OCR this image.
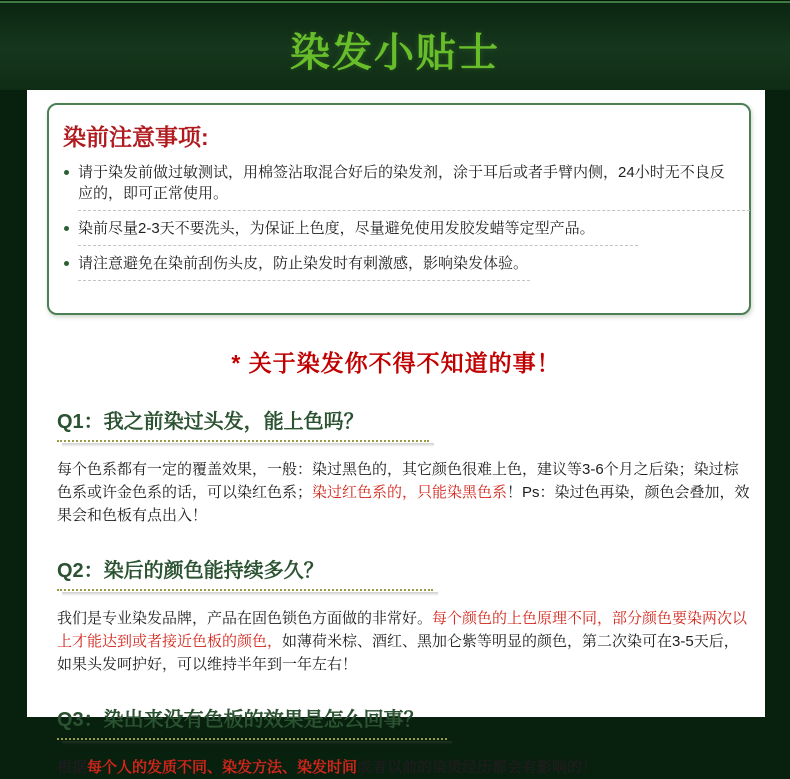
染发小贴士
染前注意事项:
请于染发前做过敏测试，用棉签沾取混合好后的染发剂，涂于耳后或者手臂内侧，24小时无不良反应的，即可正常使用。
染前尽量2-3天不要洗头，为保证上色度，尽量避免使用发胶发蜡等定型产品。
请注意避免在染前刮伤头皮，防止染发时有刺激感，影响染发体验。
* 关于染发你不得不知道的事！
Q1：我之前染过头发，能上色吗？

每个色系都有一定的覆盖效果，一般：染过黑色的，其它颜色很难上色，建议等3-6个月之后染；染过棕色系或许金色系的话，可以染红色系；染过红色系的，只能染黑色系！Ps：染过色再染，颜色会叠加，效果会和色板有点出入！

Q2：染后的颜色能持续多久？

我们是专业染发品牌，产品在固色锁色方面做的非常好。每个颜色的上色原理不同，部分颜色要染两次以上才能达到或者接近色板的颜色，如薄荷米棕、酒红、黑加仑紫等明显的颜色，第二次染可在3-5天后，如果头发呵护好，可以维持半年到一年左右！

Q3：染出来没有色板的效果是怎么回事？

根据每个人的发质不同、染发方法、染发时间或者以前的染烫经历都会有影响的！
